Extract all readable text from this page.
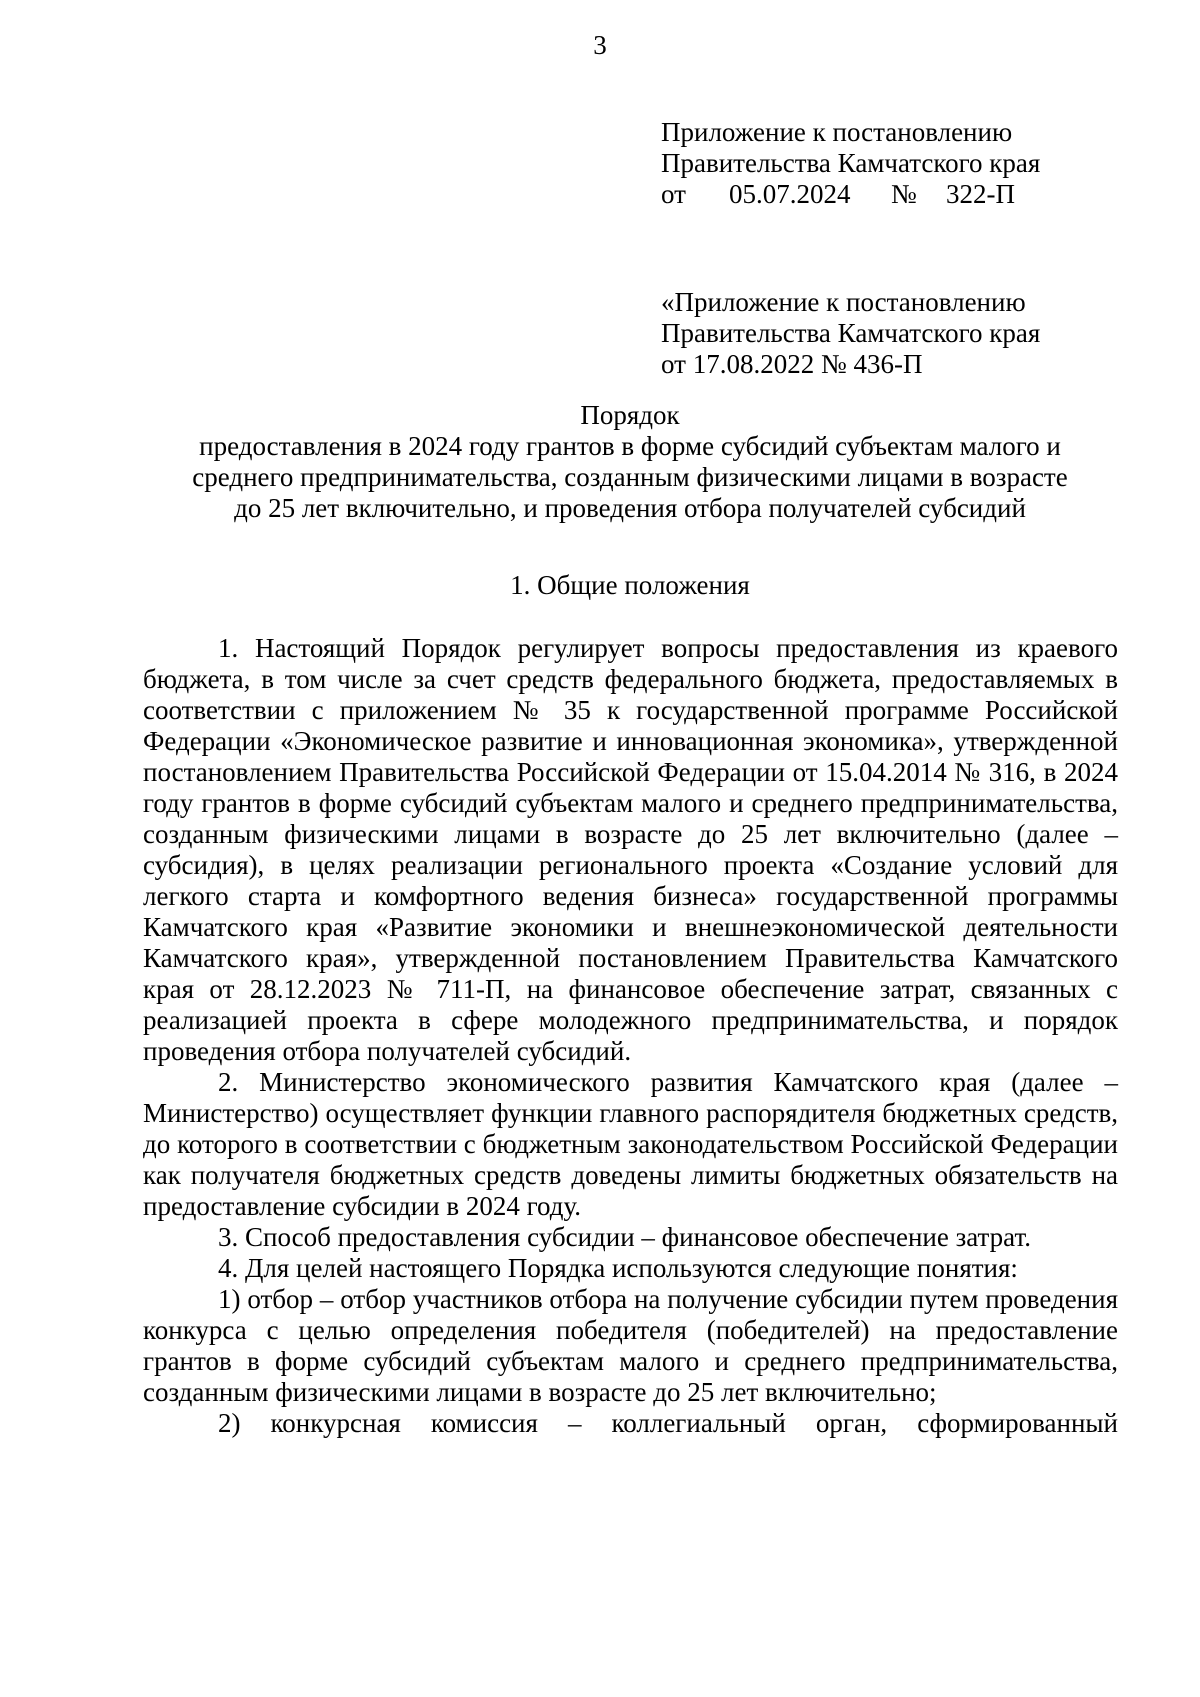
3
Приложение к постановлению
Правительства Камчатского края
от 05.07.2024 № 322-П
«Приложение к постановлению
Правительства Камчатского края
от 17.08.2022 № 436-П
Порядок
предоставления в 2024 году грантов в форме субсидий субъектам малого и
среднего предпринимательства, созданным физическими лицами в возрасте
до 25 лет включительно, и проведения отбора получателей субсидий
1. Общие положения

1. Настоящий Порядок регулирует вопросы предоставления из краевого бюджета, в том числе за счет средств федерального бюджета, предоставляемых в соответствии с приложением № 35 к государственной программе Российской Федерации «Экономическое развитие и инновационная экономика», утвержденной постановлением Правительства Российской Федерации от 15.04.2014 № 316, в 2024 году грантов в форме субсидий субъектам малого и среднего предпринимательства, созданным физическими лицами в возрасте до 25 лет включительно (далее – субсидия), в целях реализации регионального проекта «Создание условий для легкого старта и комфортного ведения бизнеса» государственной программы Камчатского края «Развитие экономики и внешнеэкономической деятельности Камчатского края», утвержденной постановлением Правительства Камчатского края от 28.12.2023 № 711-П, на финансовое обеспечение затрат, связанных с реализацией проекта в сфере молодежного предпринимательства, и порядок проведения отбора получателей субсидий.

2. Министерство экономического развития Камчатского края (далее – Министерство) осуществляет функции главного распорядителя бюджетных средств, до которого в соответствии с бюджетным законодательством Российской Федерации как получателя бюджетных средств доведены лимиты бюджетных обязательств на предоставление субсидии в 2024 году.

3. Способ предоставления субсидии – финансовое обеспечение затрат.

4. Для целей настоящего Порядка используются следующие понятия:

1) отбор – отбор участников отбора на получение субсидии путем проведения конкурса с целью определения победителя (победителей) на предоставление грантов в форме субсидий субъектам малого и среднего предпринимательства, созданным физическими лицами в возрасте до 25 лет включительно;

2) конкурсная комиссия – коллегиальный орган, сформированный
